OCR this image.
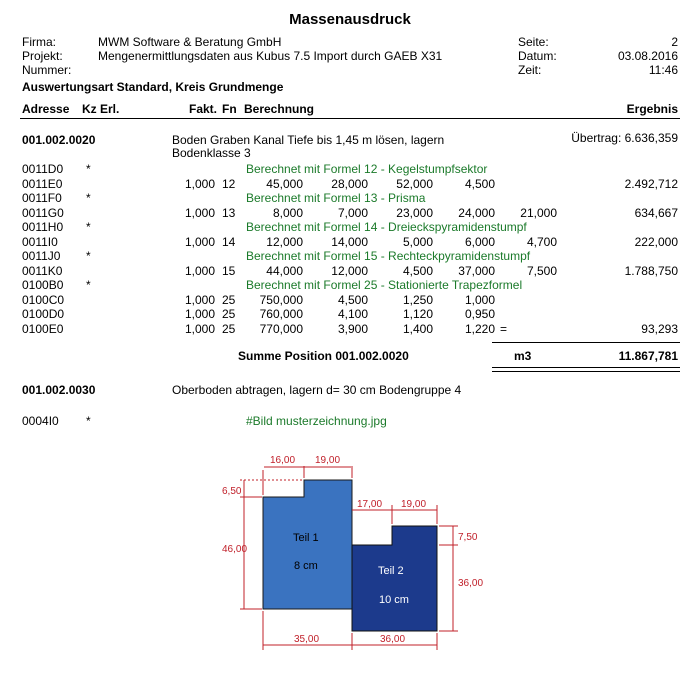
Massenausdruck
Firma:	MWM Software & Beratung GmbH
Projekt:	Mengenermittlungsdaten aus Kubus 7.5 Import durch GAEB X31
Nummer:
Seite:	2
Datum:	03.08.2016
Zeit:	11:46
Auswertungsart Standard, Kreis Grundmenge
Adresse Kz Erl.	Fakt. Fn Berechnung	Ergebnis
001.002.0020	Boden Graben Kanal Tiefe bis 1,45 m lösen, lagern
Bodenklasse 3
Übertrag: 6.636,359
0011D0 *	Berechnet mit Formel 12 - Kegelstumpfsektor
0011E0	1,000 12	45,000 28,000 52,000	4,500	2.492,712
0011F0 *	Berechnet mit Formel 13 - Prisma
0011G0	1,000 13	8,000	7,000 23,000 24,000 21,000	634,667
0011H0 *	Berechnet mit Formel 14 - Dreieckspyramidenstumpf
0011I0	1,000 14	12,000 14,000	5,000	6,000	4,700	222,000
0011J0 *	Berechnet mit Formel 15 - Rechteckpyramidenstumpf
0011K0	1,000 15	44,000 12,000	4,500 37,000	7,500	1.788,750
0100B0 *	Berechnet mit Formel 25 - Stationierte Trapezformel
0100C0	1,000 25 750,000	4,500	1,250	1,000
0100D0	1,000 25 760,000	4,100	1,120	0,950
0100E0	1,000 25 770,000	3,900	1,400	1,220 =	93,293
Summe Position 001.002.0020	m3	11.867,781
001.002.0030	Oberboden abtragen, lagern d= 30 cm Bodengruppe 4
0004I0 *	#Bild musterzeichnung.jpg
16,00 19,00
6,50
46,00
17,00 19,00
7,50
36,00
35,00	36,00
Teil 1
8 cm	Teil 2
10 cm
